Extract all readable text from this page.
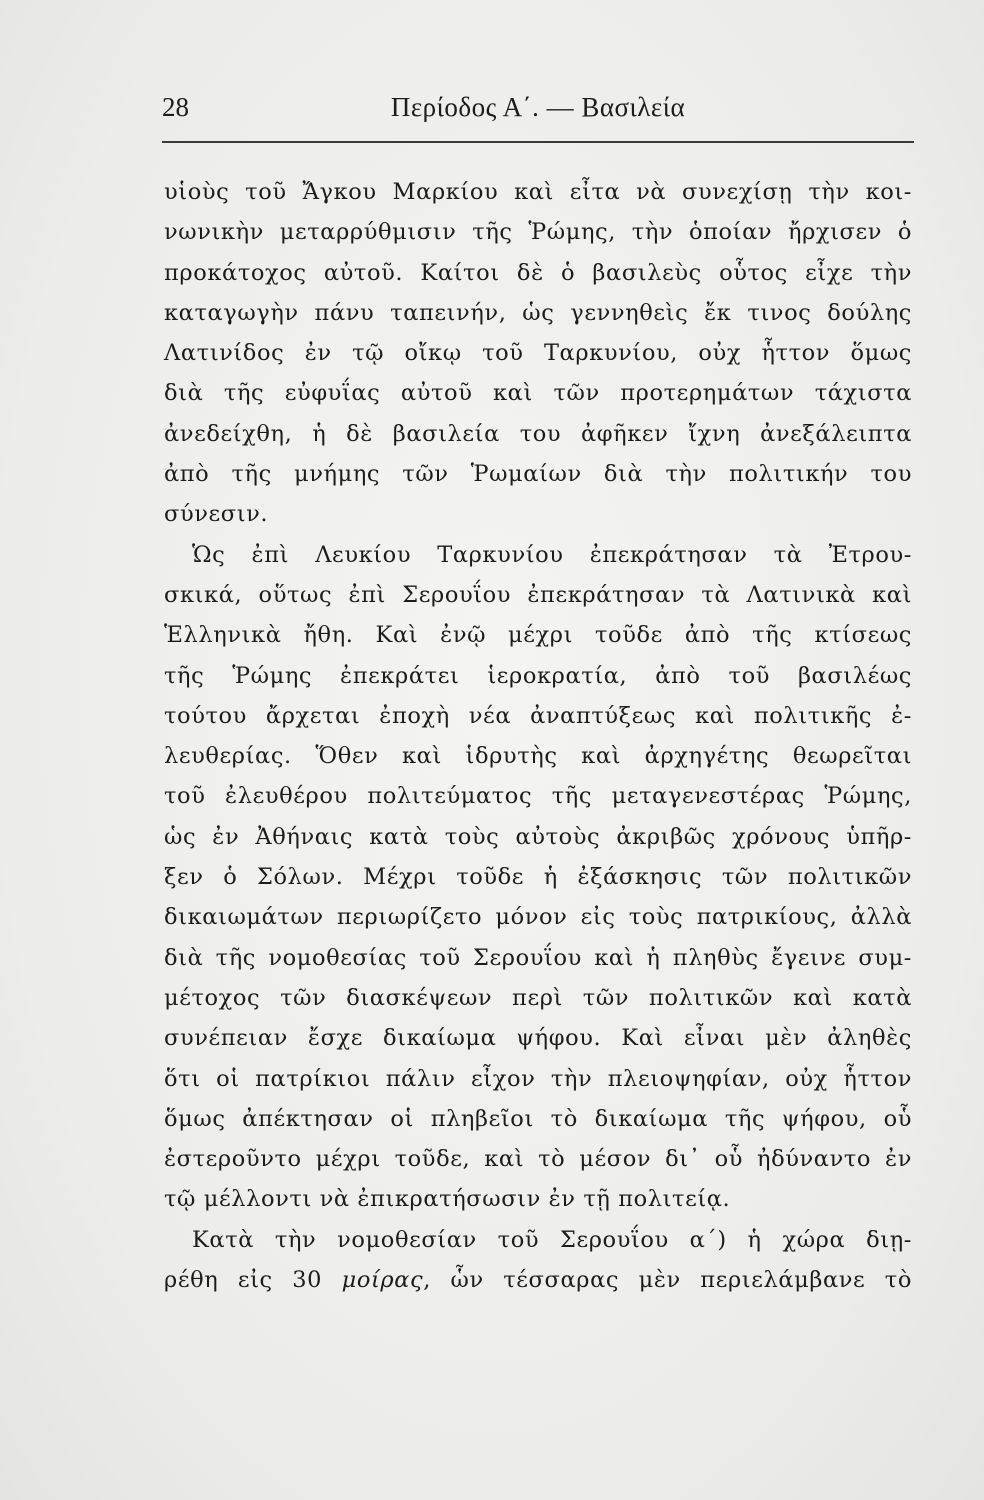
28	Περίοδος Α΄. — Βασιλεία
υἱοὺς τοῦ Ἄγκου Μαρκίου καὶ εἶτα νὰ συνεχίσῃ τὴν κοι-
νωνικὴν μεταρρύθμισιν τῆς Ῥώμης, τὴν ὁποίαν ἤρχισεν ὁ
προκάτοχος αὐτοῦ. Καίτοι δὲ ὁ βασιλεὺς οὗτος εἶχε τὴν
καταγωγὴν πάνυ ταπεινήν, ὡς γεννηθεὶς ἔκ τινος δούλης
Λατινίδος ἐν τῷ οἴκῳ τοῦ Ταρκυνίου, οὐχ ἧττον ὅμως
διὰ τῆς εὐφυΐας αὐτοῦ καὶ τῶν προτερημάτων τάχιστα
ἀνεδείχθη, ἡ δὲ βασιλεία του ἀφῆκεν ἴχνη ἀνεξάλειπτα
ἀπὸ τῆς μνήμης τῶν Ῥωμαίων διὰ τὴν πολιτικήν του
σύνεσιν.
Ὡς ἐπὶ Λευκίου Ταρκυνίου ἐπεκράτησαν τὰ Ἐτρου-
σκικά, οὕτως ἐπὶ Σερουΐου ἐπεκράτησαν τὰ Λατινικὰ καὶ
Ἑλληνικὰ ἤθη. Καὶ ἐνῷ μέχρι τοῦδε ἀπὸ τῆς κτίσεως
τῆς Ῥώμης ἐπεκράτει ἱεροκρατία, ἀπὸ τοῦ βασιλέως
τούτου ἄρχεται ἐποχὴ νέα ἀναπτύξεως καὶ πολιτικῆς ἐ-
λευθερίας. Ὅθεν καὶ ἱδρυτὴς καὶ ἀρχηγέτης θεωρεῖται
τοῦ ἐλευθέρου πολιτεύματος τῆς μεταγενεστέρας Ῥώμης,
ὡς ἐν Ἀθήναις κατὰ τοὺς αὐτοὺς ἀκριβῶς χρόνους ὑπῆρ-
ξεν ὁ Σόλων. Μέχρι τοῦδε ἡ ἐξάσκησις τῶν πολιτικῶν
δικαιωμάτων περιωρίζετο μόνον εἰς τοὺς πατρικίους, ἀλλὰ
διὰ τῆς νομοθεσίας τοῦ Σερουΐου καὶ ἡ πληθὺς ἔγεινε συμ-
μέτοχος τῶν διασκέψεων περὶ τῶν πολιτικῶν καὶ κατὰ
συνέπειαν ἔσχε δικαίωμα ψήφου. Καὶ εἶναι μὲν ἀληθὲς
ὅτι οἱ πατρίκιοι πάλιν εἶχον τὴν πλειοψηφίαν, οὐχ ἧττον
ὅμως ἀπέκτησαν οἱ πληβεῖοι τὸ δικαίωμα τῆς ψήφου, οὗ
ἐστεροῦντο μέχρι τοῦδε, καὶ τὸ μέσον δι᾿ οὗ ἠδύναντο ἐν
τῷ μέλλοντι νὰ ἐπικρατήσωσιν ἐν τῇ πολιτείᾳ.
Κατὰ τὴν νομοθεσίαν τοῦ Σερουΐου α΄) ἡ χώρα διῃ-
ρέθη εἰς 30 μοίρας, ὧν τέσσαρας μὲν περιελάμβανε τὸ
